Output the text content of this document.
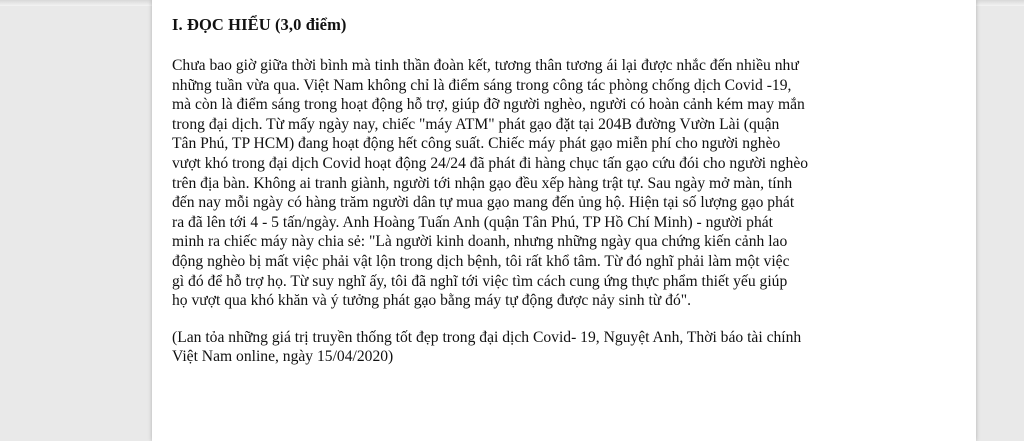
I. ĐỌC HIỂU (3,0 điểm)

Chưa bao giờ giữa thời bình mà tinh thần đoàn kết, tương thân tương ái lại được nhắc đến nhiều như
những tuần vừa qua. Việt Nam không chỉ là điểm sáng trong công tác phòng chống dịch Covid -19,
mà còn là điểm sáng trong hoạt động hỗ trợ, giúp đỡ người nghèo, người có hoàn cảnh kém may mắn
trong đại dịch. Từ mấy ngày nay, chiếc "máy ATM" phát gạo đặt tại 204B đường Vườn Lài (quận
Tân Phú, TP HCM) đang hoạt động hết công suất. Chiếc máy phát gạo miễn phí cho người nghèo
vượt khó trong đại dịch Covid hoạt động 24/24 đã phát đi hàng chục tấn gạo cứu đói cho người nghèo
trên địa bàn. Không ai tranh giành, người tới nhận gạo đều xếp hàng trật tự. Sau ngày mở màn, tính
đến nay mỗi ngày có hàng trăm người dân tự mua gạo mang đến ủng hộ. Hiện tại số lượng gạo phát
ra đã lên tới 4 - 5 tấn/ngày. Anh Hoàng Tuấn Anh (quận Tân Phú, TP Hồ Chí Minh) - người phát
minh ra chiếc máy này chia sẻ: "Là người kinh doanh, nhưng những ngày qua chứng kiến cảnh lao
động nghèo bị mất việc phải vật lộn trong dịch bệnh, tôi rất khổ tâm. Từ đó nghĩ phải làm một việc
gì đó để hỗ trợ họ. Từ suy nghĩ ấy, tôi đã nghĩ tới việc tìm cách cung ứng thực phẩm thiết yếu giúp
họ vượt qua khó khăn và ý tưởng phát gạo bằng máy tự động được nảy sinh từ đó".

(Lan tỏa những giá trị truyền thống tốt đẹp trong đại dịch Covid- 19, Nguyệt Anh, Thời báo tài chính
Việt Nam online, ngày 15/04/2020)
